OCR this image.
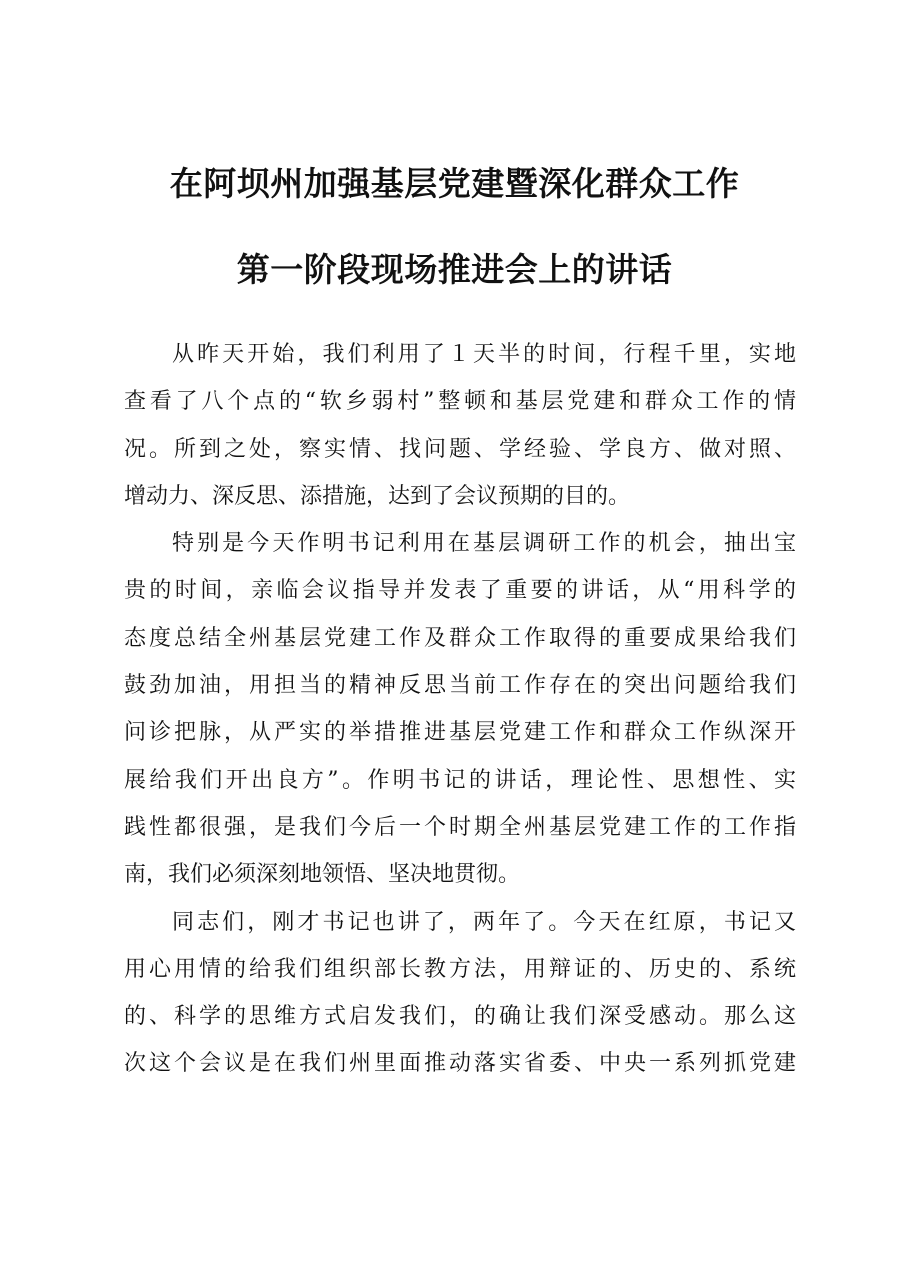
在阿坝州加强基层党建暨深化群众工作
第一阶段现场推进会上的讲话
从昨天开始，我们利用了１天半的时间，行程千里，实地
查看了八个点的“软乡弱村”整顿和基层党建和群众工作的情
况。所到之处，察实情、找问题、学经验、学良方、做对照、
增动力、深反思、添措施，达到了会议预期的目的。
特别是今天作明书记利用在基层调研工作的机会，抽出宝
贵的时间，亲临会议指导并发表了重要的讲话，从“用科学的
态度总结全州基层党建工作及群众工作取得的重要成果给我们
鼓劲加油，用担当的精神反思当前工作存在的突出问题给我们
问诊把脉，从严实的举措推进基层党建工作和群众工作纵深开
展给我们开出良方”。作明书记的讲话，理论性、思想性、实
践性都很强，是我们今后一个时期全州基层党建工作的工作指
南，我们必须深刻地领悟、坚决地贯彻。
同志们，刚才书记也讲了，两年了。今天在红原，书记又
用心用情的给我们组织部长教方法，用辩证的、历史的、系统
的、科学的思维方式启发我们，的确让我们深受感动。那么这
次这个会议是在我们州里面推动落实省委、中央一系列抓党建
